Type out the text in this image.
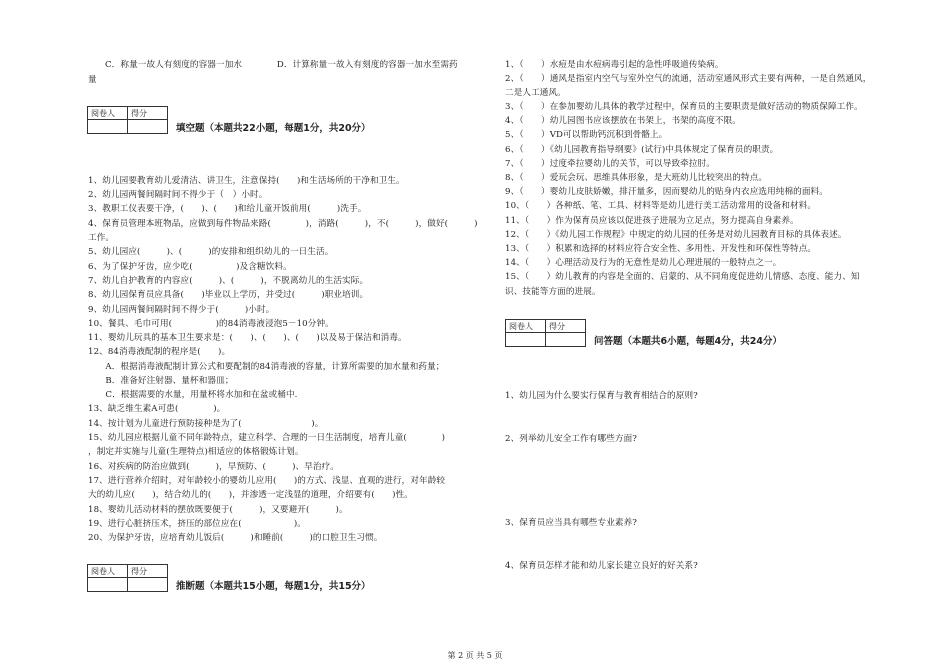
C．称量一故人有刻度的容器一加水　　　　D．计算称量一故入有刻度的容器一加水至需药
量
阅卷人	得分

填空题（本题共22小题，每题1分，共20分）
1、幼儿园要教育幼儿爱清洁、讲卫生，注意保持(　　)和生活场所的干净和卫生。
2、幼儿园两餐间隔时间不得少于（　）小时。
3、教职工仪表要干净，(　　)、(　　)和给儿童开饭前用(　　　)洗手。
4、保育员管理本班物品，应做到每件物品来路(　　　　)，消路(　　　)，不(　　　)，做好(　　　)
工作。
5、幼儿园应(　　　)、(　　　)的安排和组织幼儿的一日生活。
6、为了保护牙齿，应少吃(　　　　　)及含糖饮料。
7、幼儿自护教育的内容应(　　　)、(　　　)，不脱离幼儿的生活实际。
8、幼儿园保育员应具备(　　)毕业以上学历，并受过(　　　)职业培训。
9、幼儿园两餐间隔时间不得少于(　　　)小时。
10、餐具、毛巾可用(　　　　　)的84消毒液浸泡5－10分钟。
11、婴幼儿玩具的基本卫生要求是：(　　)、(　　)、(　　)以及易于保洁和消毒。
12、84消毒液配制的程序是(　　)。
　　A．根据消毒液配制计算公式和要配制的84消毒液的容量，计算所需要的加水量和药量；
　　B．准备好注射器、量杯和器皿；
　　C．根据需要的水量，用量杯将水加和在盆或桶中.
13、缺乏维生素A可患(　　　　)。
14、按计划为儿童进行预防接种是为了(　　　　　　　　)。
15、幼儿园应根据儿童不同年龄特点，建立科学、合理的一日生活制度，培育儿童(　　　　)
，制定并实施与儿童(生理特点)相适应的体格锻炼计划。
16、对疾病的防治应做到(　　　)，早预防、(　　　)、早治疗。
17、进行营养介绍时，对年龄较小的婴幼儿应用(　　)的方式、浅显、直观的进行，对年龄较
大的幼儿应(　　)，结合幼儿的(　　)，并渗透一定浅显的道理，介绍要有(　　)性。
18、婴幼儿活动材料的摆放既要便于(　　　)，又要避开(　　　)。
19、进行心脏挤压术，挤压的部位应在(　　　　　　)。
20、为保护牙齿，应培育幼儿饭后(　　　)和睡前(　　　)的口腔卫生习惯。
阅卷人	得分

推断题（本题共15小题，每题1分，共15分）
1、（　　）水痘是由水痘病毒引起的急性呼吸道传染病。
2、（　　）通风是指室内空气与室外空气的流通，活动室通风形式主要有两种，一是自然通风，
二是人工通风。
3、（　　）在参加婴幼儿具体的教学过程中，保育员的主要职责是做好活动的物质保障工作。
4、（　　）幼儿园图书应该摆放在书架上，书架的高度不限。
5、（　　）VD可以帮助钙沉积到骨骼上。
6、（　　）《幼儿园教育指导纲要》(试行)中具体规定了保育员的职责。
7、（　　）过度牵拉婴幼儿的关节，可以导致牵拉肘。
8、（　　）爱玩会玩、思维具体形象，是大班幼儿比较突出的特点。
9、（　　）婴幼儿皮肤娇嫩，排汗量多，因而婴幼儿的贴身内衣应选用纯棉的面料。
10、（　　）各种纸、笔、工具、材料等是幼儿进行美工活动常用的设备和材料。
11、（　　）作为保育员应该以促进孩子进展为立足点，努力提高自身素养。
12、（　　）《幼儿园工作规程》中规定的幼儿园的任务是对幼儿园教育目标的具体表述。
13、（　　）积累和选择的材料应符合安全性、多用性、开发性和环保性等特点。
14、（　　）心理活动及行为的无意性是幼儿心理进展的一般特点之一。
15、（　　）幼儿教育的内容是全面的、启蒙的、从不同角度促进幼儿情感、态度、能力、知
识、技能等方面的进展。
阅卷人	得分

问答题（本题共6小题，每题4分，共24分）
1、幼儿园为什么要实行保育与教育相结合的原则?
2、列举幼儿安全工作有哪些方面?
3、保育员应当具有哪些专业素养?
4、保育员怎样才能和幼儿家长建立良好的好关系?
第 2 页 共 5 页
